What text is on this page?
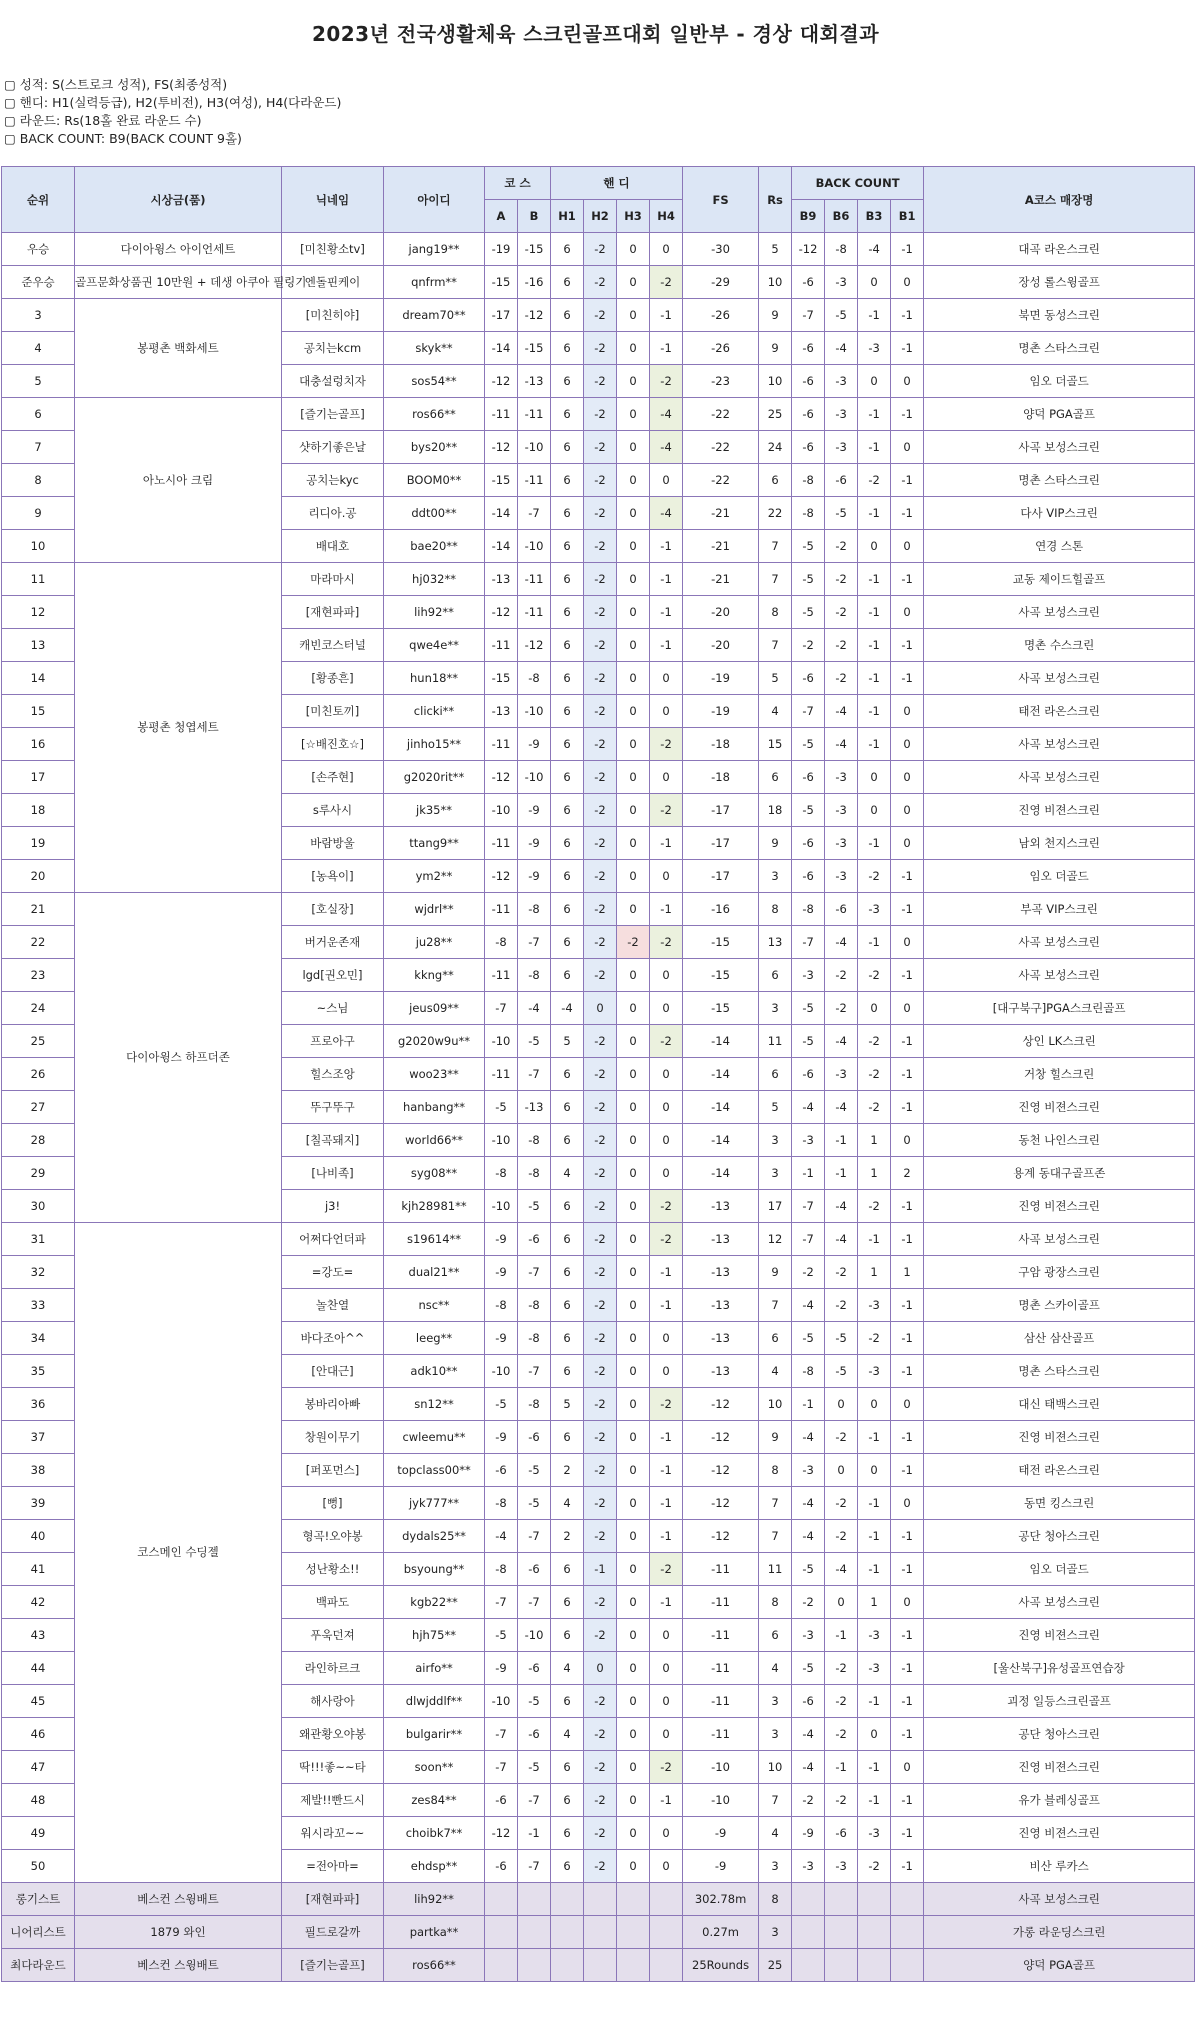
2023년 전국생활체육 스크린골프대회 일반부 - 경상 대회결과
▢ 성적: S(스트로크 성적), FS(최종성적)
▢ 핸디: H1(실력등급), H2(투비전), H3(여성), H4(다라운드)
▢ 라운드: Rs(18홀 완료 라운드 수)
▢ BACK COUNT: B9(BACK COUNT 9홀)
순위	시상금(품)	닉네임	아이디	코 스		핸 디				FS	Rs	BACK COUNT				A코스 매장명
				A	B	H1	H2	H3	H4			B9	B6	B3	B1	
우승	다이아윙스 아이언세트	[미친황소tv]	jang19**	-19	-15	6	-2	0	0	-30	5	-12	-8	-4	-1	대곡 라온스크린
준우승	골프문화상품권 10만원 + 데생 아쿠아 필링기	엔돌핀케이	qnfrm**	-15	-16	6	-2	0	-2	-29	10	-6	-3	0	0	장성 롤스윙골프
3	봉평촌 백화세트	[미친히야]	dream70**	-17	-12	6	-2	0	-1	-26	9	-7	-5	-1	-1	북면 동성스크린
4		공치는kcm	skyk**	-14	-15	6	-2	0	-1	-26	9	-6	-4	-3	-1	명촌 스타스크린
5		대충설렁치자	sos54**	-12	-13	6	-2	0	-2	-23	10	-6	-3	0	0	임오 더골드
6	아노시아 크림	[즐기는골프]	ros66**	-11	-11	6	-2	0	-4	-22	25	-6	-3	-1	-1	양덕 PGA골프
7		샷하기좋은날	bys20**	-12	-10	6	-2	0	-4	-22	24	-6	-3	-1	0	사곡 보성스크린
8		공치는kyc	BOOM0**	-15	-11	6	-2	0	0	-22	6	-8	-6	-2	-1	명촌 스타스크린
9		리디아.공	ddt00**	-14	-7	6	-2	0	-4	-21	22	-8	-5	-1	-1	다사 VIP스크린
10		배대호	bae20**	-14	-10	6	-2	0	-1	-21	7	-5	-2	0	0	연경 스톤
11	봉평촌 청엽세트	마라마시	hj032**	-13	-11	6	-2	0	-1	-21	7	-5	-2	-1	-1	교동 제이드힐골프
12		[재현파파]	lih92**	-12	-11	6	-2	0	-1	-20	8	-5	-2	-1	0	사곡 보성스크린
13		캐빈코스터널	qwe4e**	-11	-12	6	-2	0	-1	-20	7	-2	-2	-1	-1	명촌 수스크린
14		[황종흔]	hun18**	-15	-8	6	-2	0	0	-19	5	-6	-2	-1	-1	사곡 보성스크린
15		[미친토끼]	clicki**	-13	-10	6	-2	0	0	-19	4	-7	-4	-1	0	태전 라온스크린
16		[☆배진호☆]	jinho15**	-11	-9	6	-2	0	-2	-18	15	-5	-4	-1	0	사곡 보성스크린
17		[손주현]	g2020rit**	-12	-10	6	-2	0	0	-18	6	-6	-3	0	0	사곡 보성스크린
18		s루사시	jk35**	-10	-9	6	-2	0	-2	-17	18	-5	-3	0	0	진영 비젼스크린
19		바람방울	ttang9**	-11	-9	6	-2	0	-1	-17	9	-6	-3	-1	0	남외 천지스크린
20		[농욕이]	ym2**	-12	-9	6	-2	0	0	-17	3	-6	-3	-2	-1	임오 더골드
21	다이아윙스 하프더존	[호실장]	wjdrl**	-11	-8	6	-2	0	-1	-16	8	-8	-6	-3	-1	부곡 VIP스크린
22		버거운존재	ju28**	-8	-7	6	-2	-2	-2	-15	13	-7	-4	-1	0	사곡 보성스크린
23		lgd[권오민]	kkng**	-11	-8	6	-2	0	0	-15	6	-3	-2	-2	-1	사곡 보성스크린
24		~스님	jeus09**	-7	-4	-4	0	0	0	-15	3	-5	-2	0	0	[대구북구]PGA스크린골프
25		프로아구	g2020w9u**	-10	-5	5	-2	0	-2	-14	11	-5	-4	-2	-1	상인 LK스크린
26		힐스조앙	woo23**	-11	-7	6	-2	0	0	-14	6	-6	-3	-2	-1	거창 힐스크린
27		뚜구뚜구	hanbang**	-5	-13	6	-2	0	0	-14	5	-4	-4	-2	-1	진영 비젼스크린
28		[칠곡돼지]	world66**	-10	-8	6	-2	0	0	-14	3	-3	-1	1	0	동천 나인스크린
29		[나비족]	syg08**	-8	-8	4	-2	0	0	-14	3	-1	-1	1	2	용계 동대구골프존
30		j3!	kjh28981**	-10	-5	6	-2	0	-2	-13	17	-7	-4	-2	-1	진영 비젼스크린
31	코스메인 수딩젤	어쩌다언더파	s19614**	-9	-6	6	-2	0	-2	-13	12	-7	-4	-1	-1	사곡 보성스크린
32		=강도=	dual21**	-9	-7	6	-2	0	-1	-13	9	-2	-2	1	1	구암 광장스크린
33		놀찬열	nsc**	-8	-8	6	-2	0	-1	-13	7	-4	-2	-3	-1	명촌 스카이골프
34		바다조아^^	leeg**	-9	-8	6	-2	0	0	-13	6	-5	-5	-2	-1	삼산 삼산골프
35		[안대근]	adk10**	-10	-7	6	-2	0	0	-13	4	-8	-5	-3	-1	명촌 스타스크린
36		봉바리아빠	sn12**	-5	-8	5	-2	0	-2	-12	10	-1	0	0	0	대신 태백스크린
37		창원이무기	cwleemu**	-9	-6	6	-2	0	-1	-12	9	-4	-2	-1	-1	진영 비젼스크린
38		[퍼포먼스]	topclass00**	-6	-5	2	-2	0	-1	-12	8	-3	0	0	-1	태전 라온스크린
39		[뻥]	jyk777**	-8	-5	4	-2	0	-1	-12	7	-4	-2	-1	0	동면 킹스크린
40		형곡!오야봉	dydals25**	-4	-7	2	-2	0	-1	-12	7	-4	-2	-1	-1	공단 청아스크린
41		성난황소!!	bsyoung**	-8	-6	6	-1	0	-2	-11	11	-5	-4	-1	-1	임오 더골드
42		백파도	kgb22**	-7	-7	6	-2	0	-1	-11	8	-2	0	1	0	사곡 보성스크린
43		푸욱던져	hjh75**	-5	-10	6	-2	0	0	-11	6	-3	-1	-3	-1	진영 비젼스크린
44		라인하르크	airfo**	-9	-6	4	0	0	0	-11	4	-5	-2	-3	-1	[울산북구]유성골프연습장
45		해사랑아	dlwjddlf**	-10	-5	6	-2	0	0	-11	3	-6	-2	-1	-1	괴정 일등스크린골프
46		왜관황오야봉	bulgarir**	-7	-6	4	-2	0	0	-11	3	-4	-2	0	-1	공단 청아스크린
47		딱!!!좋~~타	soon**	-7	-5	6	-2	0	-2	-10	10	-4	-1	-1	0	진영 비젼스크린
48		제발!!빤드시	zes84**	-6	-7	6	-2	0	-1	-10	7	-2	-2	-1	-1	유가 블레싱골프
49		워시라꼬~~	choibk7**	-12	-1	6	-2	0	0	-9	4	-9	-6	-3	-1	진영 비젼스크린
50		=전아마=	ehdsp**	-6	-7	6	-2	0	0	-9	3	-3	-3	-2	-1	비산 루카스
롱기스트	베스컨 스윙배트	[재현파파]	lih92**							302.78m	8					사곡 보성스크린
니어리스트	1879 와인	필드로갈까	partka**							0.27m	3					가롱 라운딩스크린
최다라운드	베스컨 스윙배트	[즐기는골프]	ros66**							25Rounds	25					양덕 PGA골프
